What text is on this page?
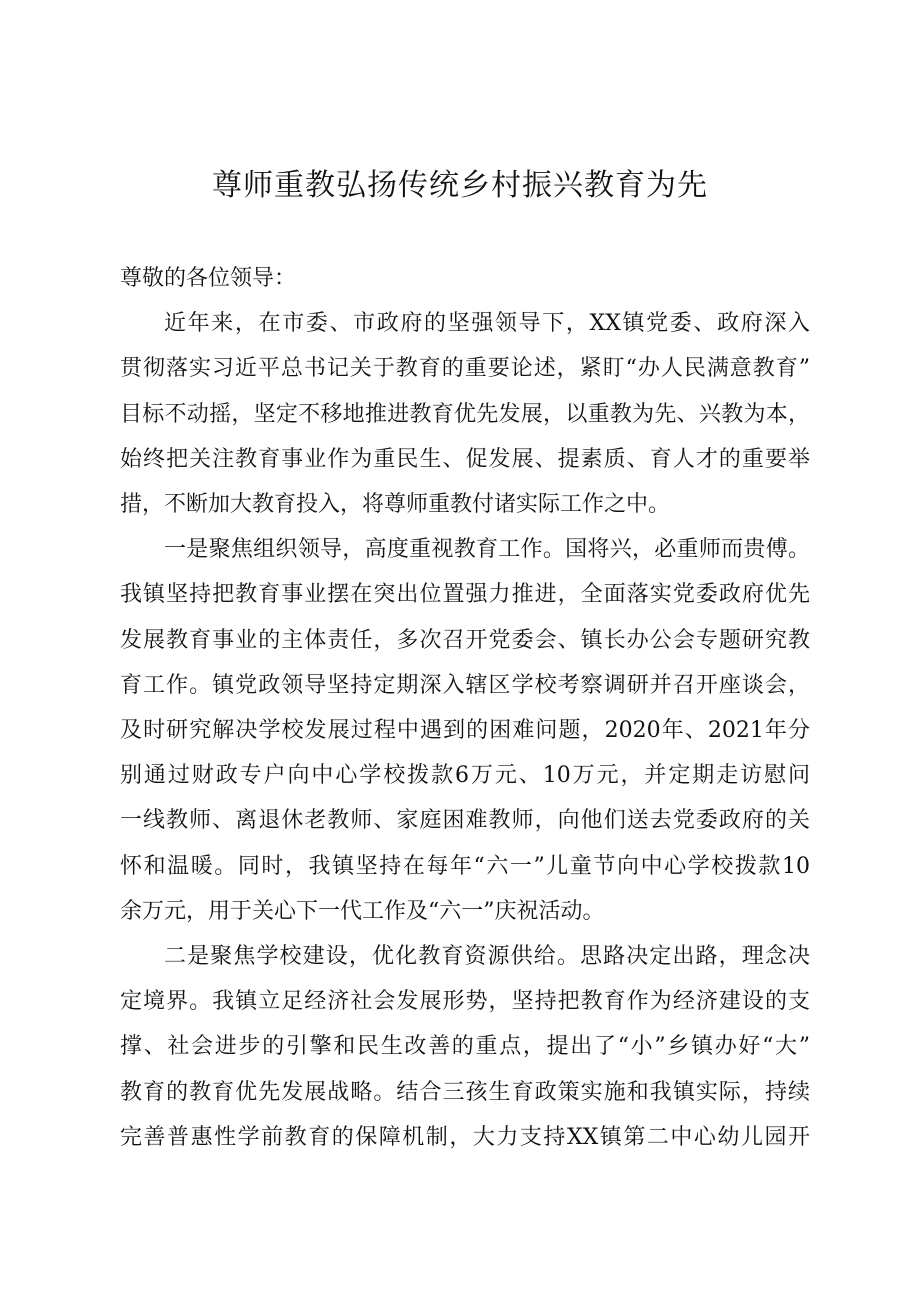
尊师重教弘扬传统乡村振兴教育为先

尊敬的各位领导：

近年来，在市委、市政府的坚强领导下，XX镇党委、政府深入
贯彻落实习近平总书记关于教育的重要论述，紧盯“办人民满意教育”
目标不动摇，坚定不移地推进教育优先发展，以重教为先、兴教为本，
始终把关注教育事业作为重民生、促发展、提素质、育人才的重要举
措，不断加大教育投入，将尊师重教付诸实际工作之中。

一是聚焦组织领导，高度重视教育工作。国将兴，必重师而贵傅。
我镇坚持把教育事业摆在突出位置强力推进，全面落实党委政府优先
发展教育事业的主体责任，多次召开党委会、镇长办公会专题研究教
育工作。镇党政领导坚持定期深入辖区学校考察调研并召开座谈会，
及时研究解决学校发展过程中遇到的困难问题，2020年、2021年分
别通过财政专户向中心学校拨款6万元、10万元，并定期走访慰问
一线教师、离退休老教师、家庭困难教师，向他们送去党委政府的关
怀和温暖。同时，我镇坚持在每年“六一”儿童节向中心学校拨款10
余万元，用于关心下一代工作及“六一”庆祝活动。

二是聚焦学校建设，优化教育资源供给。思路决定出路，理念决
定境界。我镇立足经济社会发展形势，坚持把教育作为经济建设的支
撑、社会进步的引擎和民生改善的重点，提出了“小”乡镇办好“大”
教育的教育优先发展战略。结合三孩生育政策实施和我镇实际，持续
完善普惠性学前教育的保障机制，大力支持XX镇第二中心幼儿园开
